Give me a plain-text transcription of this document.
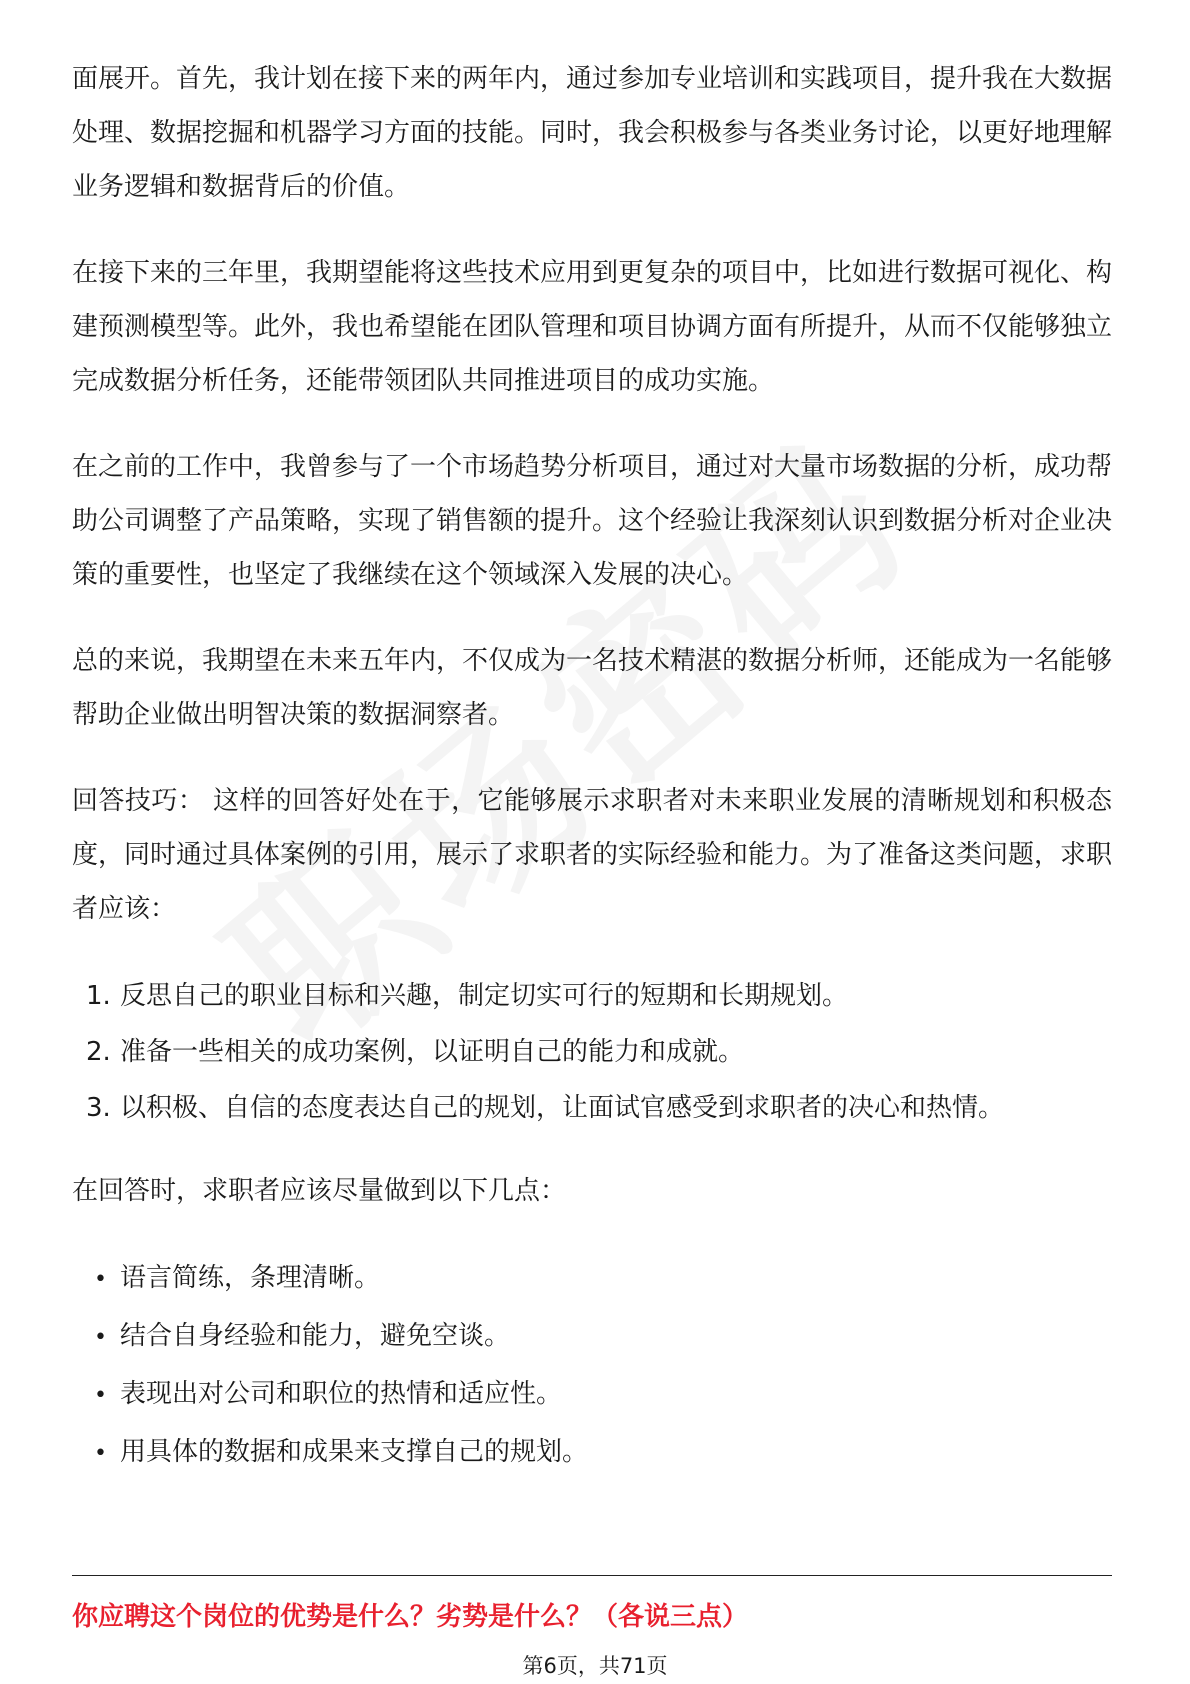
面展开。首先，我计划在接下来的两年内，通过参加专业培训和实践项目，提升我在大数据处理、数据挖掘和机器学习方面的技能。同时，我会积极参与各类业务讨论，以更好地理解业务逻辑和数据背后的价值。

在接下来的三年里，我期望能将这些技术应用到更复杂的项目中，比如进行数据可视化、构建预测模型等。此外，我也希望能在团队管理和项目协调方面有所提升，从而不仅能够独立完成数据分析任务，还能带领团队共同推进项目的成功实施。

在之前的工作中，我曾参与了一个市场趋势分析项目，通过对大量市场数据的分析，成功帮助公司调整了产品策略，实现了销售额的提升。这个经验让我深刻认识到数据分析对企业决策的重要性，也坚定了我继续在这个领域深入发展的决心。

总的来说，我期望在未来五年内，不仅成为一名技术精湛的数据分析师，还能成为一名能够帮助企业做出明智决策的数据洞察者。

回答技巧： 这样的回答好处在于，它能够展示求职者对未来职业发展的清晰规划和积极态度，同时通过具体案例的引用，展示了求职者的实际经验和能力。为了准备这类问题，求职者应该：

1. 反思自己的职业目标和兴趣，制定切实可行的短期和长期规划。
2. 准备一些相关的成功案例，以证明自己的能力和成就。
3. 以积极、自信的态度表达自己的规划，让面试官感受到求职者的决心和热情。

在回答时，求职者应该尽量做到以下几点：

• 语言简练，条理清晰。
• 结合自身经验和能力，避免空谈。
• 表现出对公司和职位的热情和适应性。
• 用具体的数据和成果来支撑自己的规划。
你应聘这个岗位的优势是什么？劣势是什么？（各说三点）
第6页，共71页
